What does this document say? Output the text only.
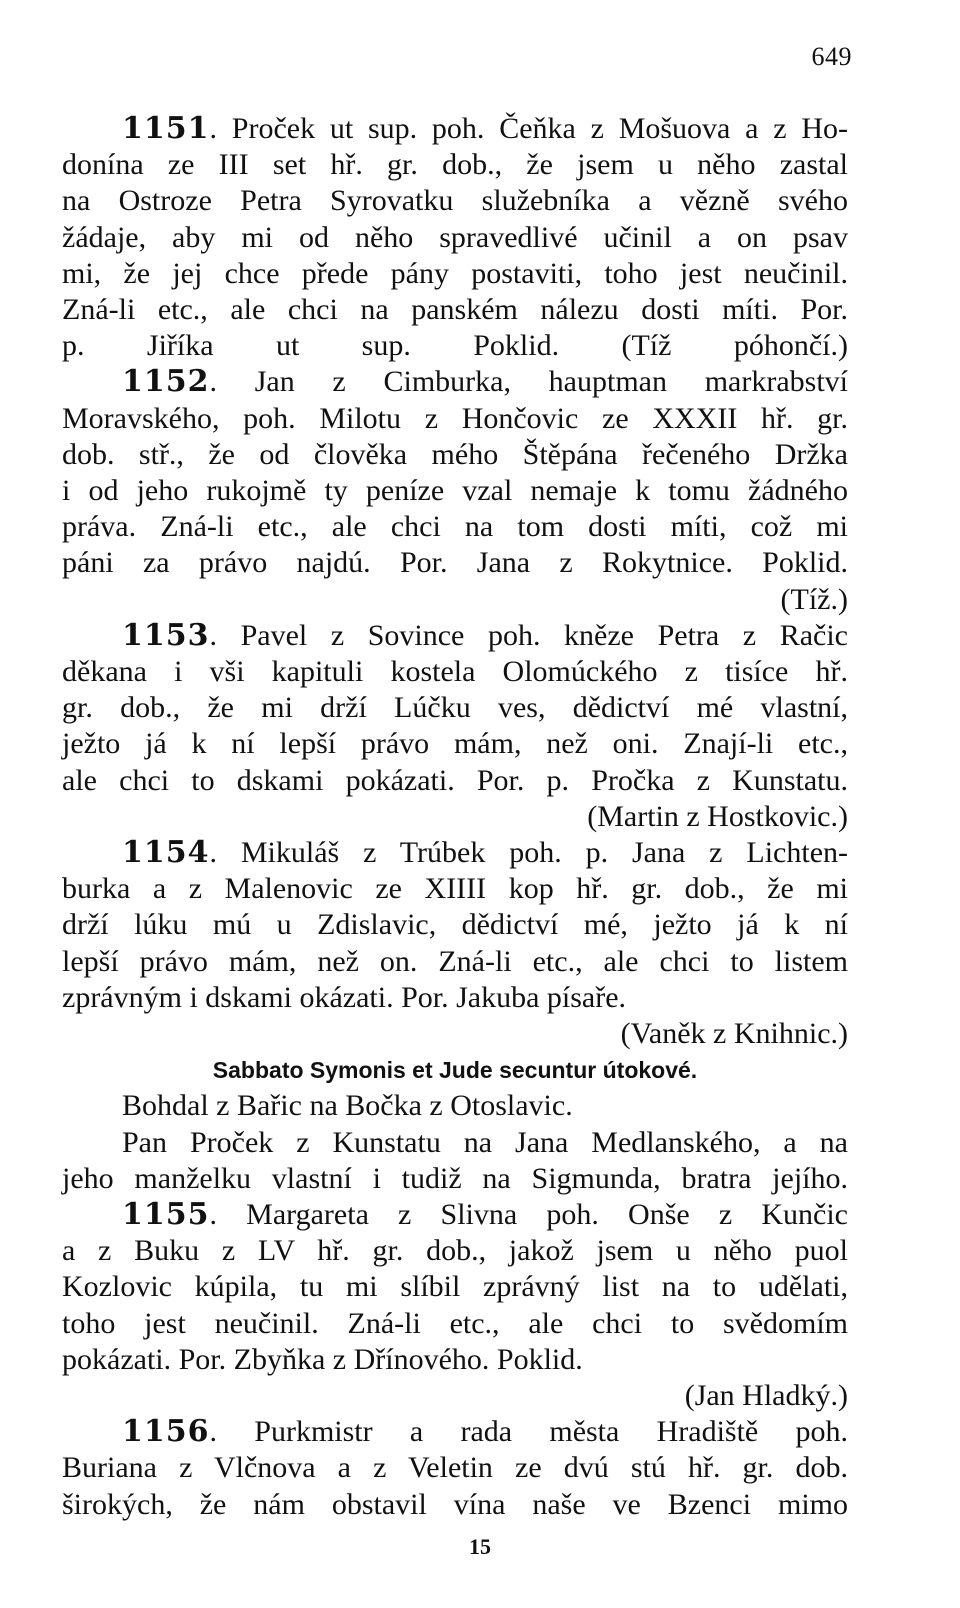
649
1151. Proček ut sup. poh. Čeňka z Mošuova a z Ho-
donína ze III set hř. gr. dob., že jsem u něho zastal
na Ostroze Petra Syrovatku služebníka a vězně svého
žádaje, aby mi od něho spravedlivé učinil a on psav
mi, že jej chce přede pány postaviti, toho jest neučinil.
Zná-li etc., ale chci na panském nálezu dosti míti. Por.
p. Jiříka ut sup. Poklid. (Tíž póhončí.)
1152. Jan z Cimburka, hauptman markrabství
Moravského, poh. Milotu z Hončovic ze XXXII hř. gr.
dob. stř., že od člověka mého Štěpána řečeného Držka
i od jeho rukojmě ty peníze vzal nemaje k tomu žádného
práva. Zná-li etc., ale chci na tom dosti míti, což mi
páni za právo najdú. Por. Jana z Rokytnice. Poklid.
(Tíž.)
1153. Pavel z Sovince poh. kněze Petra z Račic
děkana i vši kapituli kostela Olomúckého z tisíce hř.
gr. dob., že mi drží Lúčku ves, dědictví mé vlastní,
ježto já k ní lepší právo mám, než oni. Znají-li etc.,
ale chci to dskami pokázati. Por. p. Pročka z Kunstatu.
(Martin z Hostkovic.)
1154. Mikuláš z Trúbek poh. p. Jana z Lichten-
burka a z Malenovic ze XIIII kop hř. gr. dob., že mi
drží lúku mú u Zdislavic, dědictví mé, ježto já k ní
lepší právo mám, než on. Zná-li etc., ale chci to listem
zprávným i dskami okázati. Por. Jakuba písaře.
(Vaněk z Knihnic.)
Sabbato Symonis et Jude secuntur útokové.
Bohdal z Bařic na Bočka z Otoslavic.
Pan Proček z Kunstatu na Jana Medlanského, a na
jeho manželku vlastní i tudiž na Sigmunda, bratra jejího.
1155. Margareta z Slivna poh. Onše z Kunčic
a z Buku z LV hř. gr. dob., jakož jsem u něho puol
Kozlovic kúpila, tu mi slíbil zprávný list na to udělati,
toho jest neučinil. Zná-li etc., ale chci to svědomím
pokázati. Por. Zbyňka z Dřínového. Poklid.
(Jan Hladký.)
1156. Purkmistr a rada města Hradiště poh.
Buriana z Vlčnova a z Veletin ze dvú stú hř. gr. dob.
širokých, že nám obstavil vína naše ve Bzenci mimo
15
